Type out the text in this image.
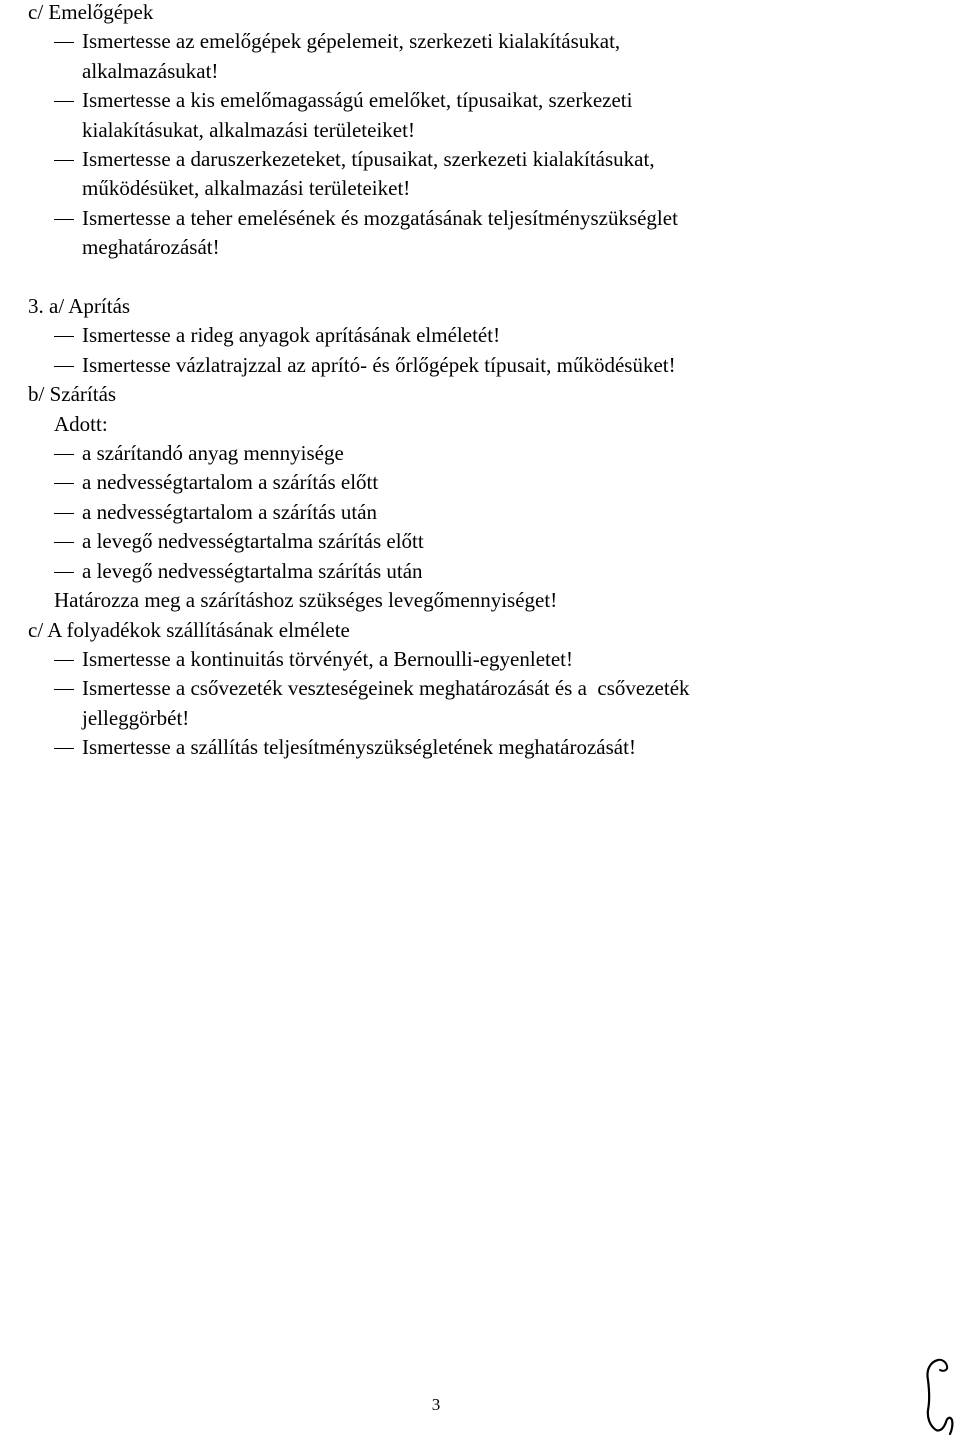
c/ Emelőgépek
Ismertesse az emelőgépek gépelemeit, szerkezeti kialakításukat,
alkalmazásukat!
Ismertesse a kis emelőmagasságú emelőket, típusaikat, szerkezeti
kialakításukat, alkalmazási területeiket!
Ismertesse a daruszerkezeteket, típusaikat, szerkezeti kialakításukat,
működésüket, alkalmazási területeiket!
Ismertesse a teher emelésének és mozgatásának teljesítményszükséglet
meghatározását!
3. a/ Aprítás
Ismertesse a rideg anyagok aprításának elméletét!
Ismertesse vázlatrajzzal az aprító- és őrlőgépek típusait, működésüket!
b/ Szárítás
Adott:
a szárítandó anyag mennyisége
a nedvességtartalom a szárítás előtt
a nedvességtartalom a szárítás után
a levegő nedvességtartalma szárítás előtt
a levegő nedvességtartalma szárítás után
Határozza meg a szárításhoz szükséges levegőmennyiséget!
c/ A folyadékok szállításának elmélete
Ismertesse a kontinuitás törvényét, a Bernoulli-egyenletet!
Ismertesse a csővezeték veszteségeinek meghatározását és a  csővezeték
jelleggörbét!
Ismertesse a szállítás teljesítményszükségletének meghatározását!
3
